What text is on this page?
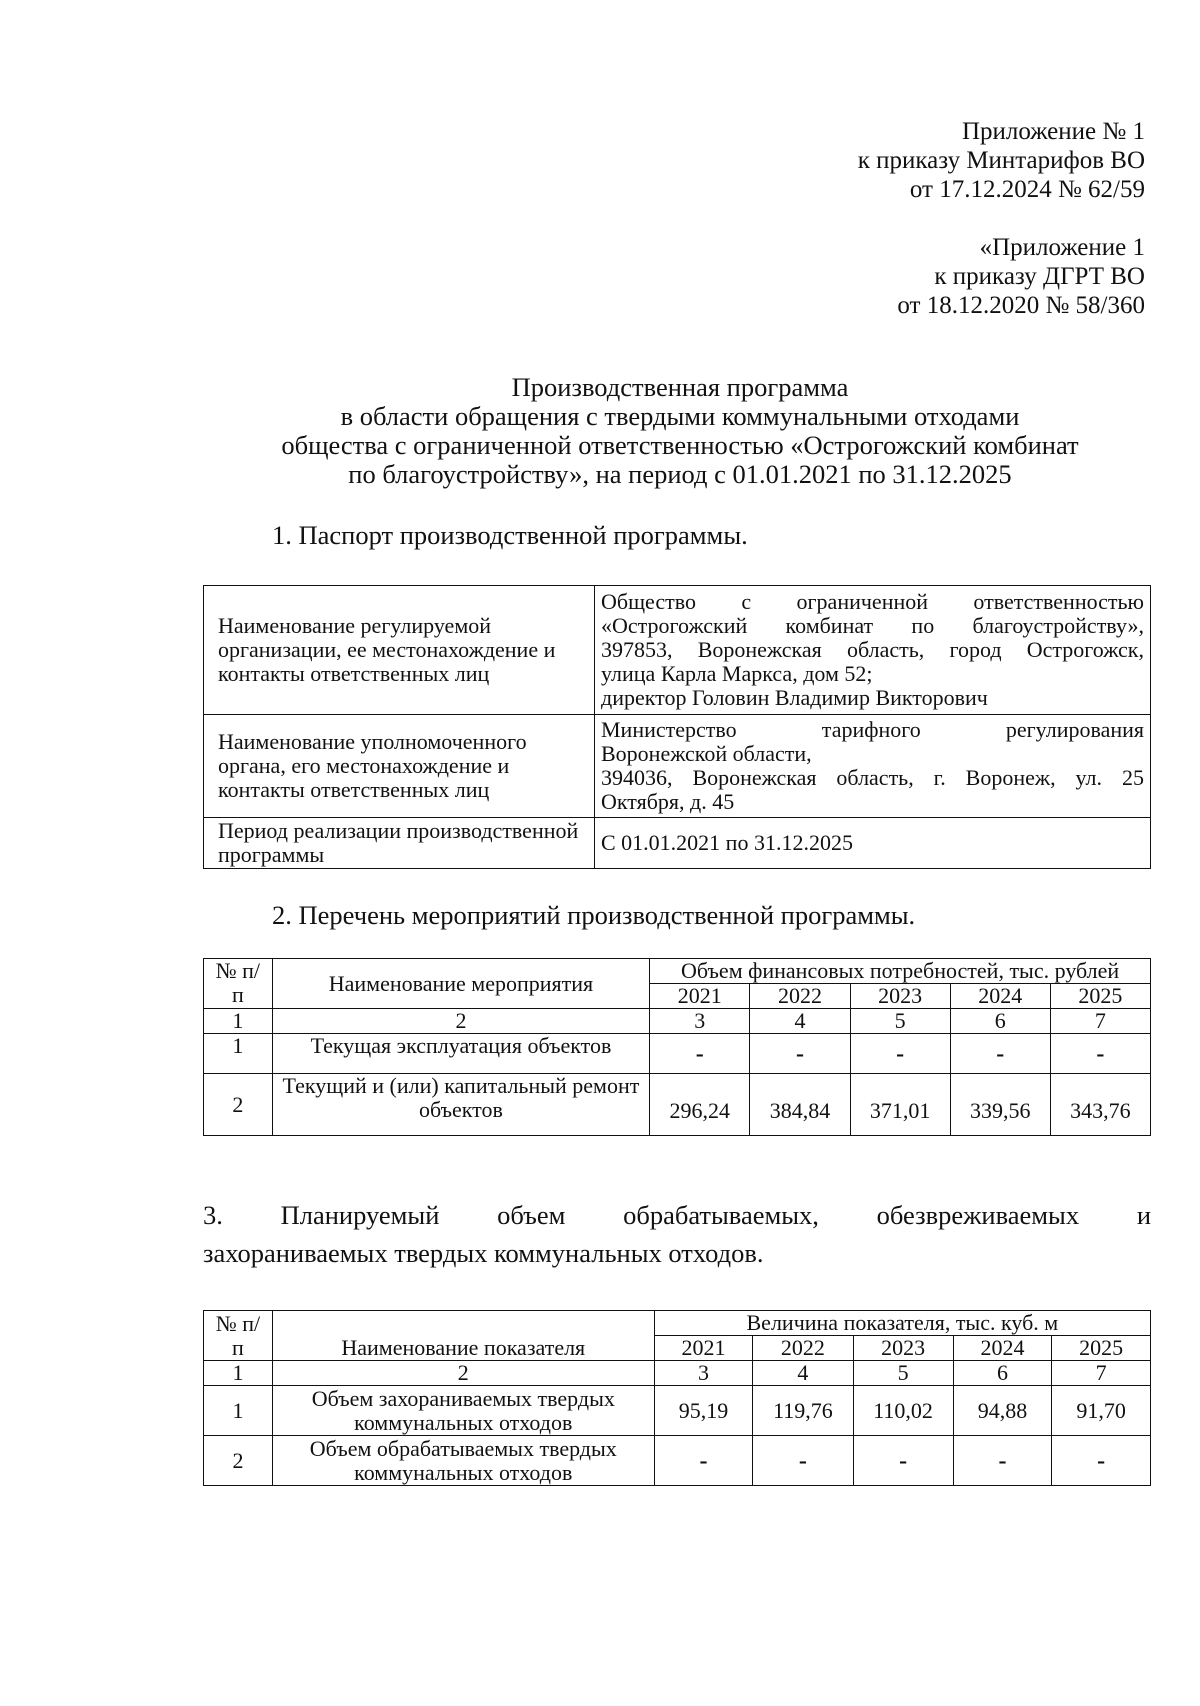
Приложение № 1
к приказу Минтарифов ВО
от 17.12.2024 № 62/59
«Приложение 1
к приказу ДГРТ ВО
от 18.12.2020 № 58/360
Производственная программа
в области обращения с твердыми коммунальными отходами
общества с ограниченной ответственностью «Острогожский комбинат
по благоустройству», на период с 01.01.2021 по 31.12.2025
1. Паспорт производственной программы.
Наименование регулируемой организации, ее местонахождение и контакты ответственных лиц	Общество с ограниченной ответственностью
«Острогожский комбинат по благоустройству»,
397853, Воронежская область, город Острогожск,
улица Карла Маркса, дом 52;
директор Головин Владимир Викторович

Наименование уполномоченного органа, его местонахождение и контакты ответственных лиц	Министерство тарифного регулирования
Воронежской области,
394036, Воронежская область, г. Воронеж, ул. 25
Октября, д. 45

Период реализации производственной программы	С 01.01.2021 по 31.12.2025
2. Перечень мероприятий производственной программы.
№ п/п	Наименование мероприятия	Объем финансовых потребностей, тыс. рублей				
		2021	2022	2023	2024	2025
1	2	3	4	5	6	7
1	Текущая эксплуатация объектов	-	-	-	-	-
2	Текущий и (или) капитальный ремонт объектов	296,24	384,84	371,01	339,56	343,76
3. Планируемый объем обрабатываемых, обезвреживаемых и
захораниваемых твердых коммунальных отходов.
№ п/п	Наименование показателя	Величина показателя, тыс. куб. м				
		2021	2022	2023	2024	2025
1	2	3	4	5	6	7
1	Объем захораниваемых твердых коммунальных отходов	95,19	119,76	110,02	94,88	91,70
2	Объем обрабатываемых твердых коммунальных отходов	-	-	-	-	-
